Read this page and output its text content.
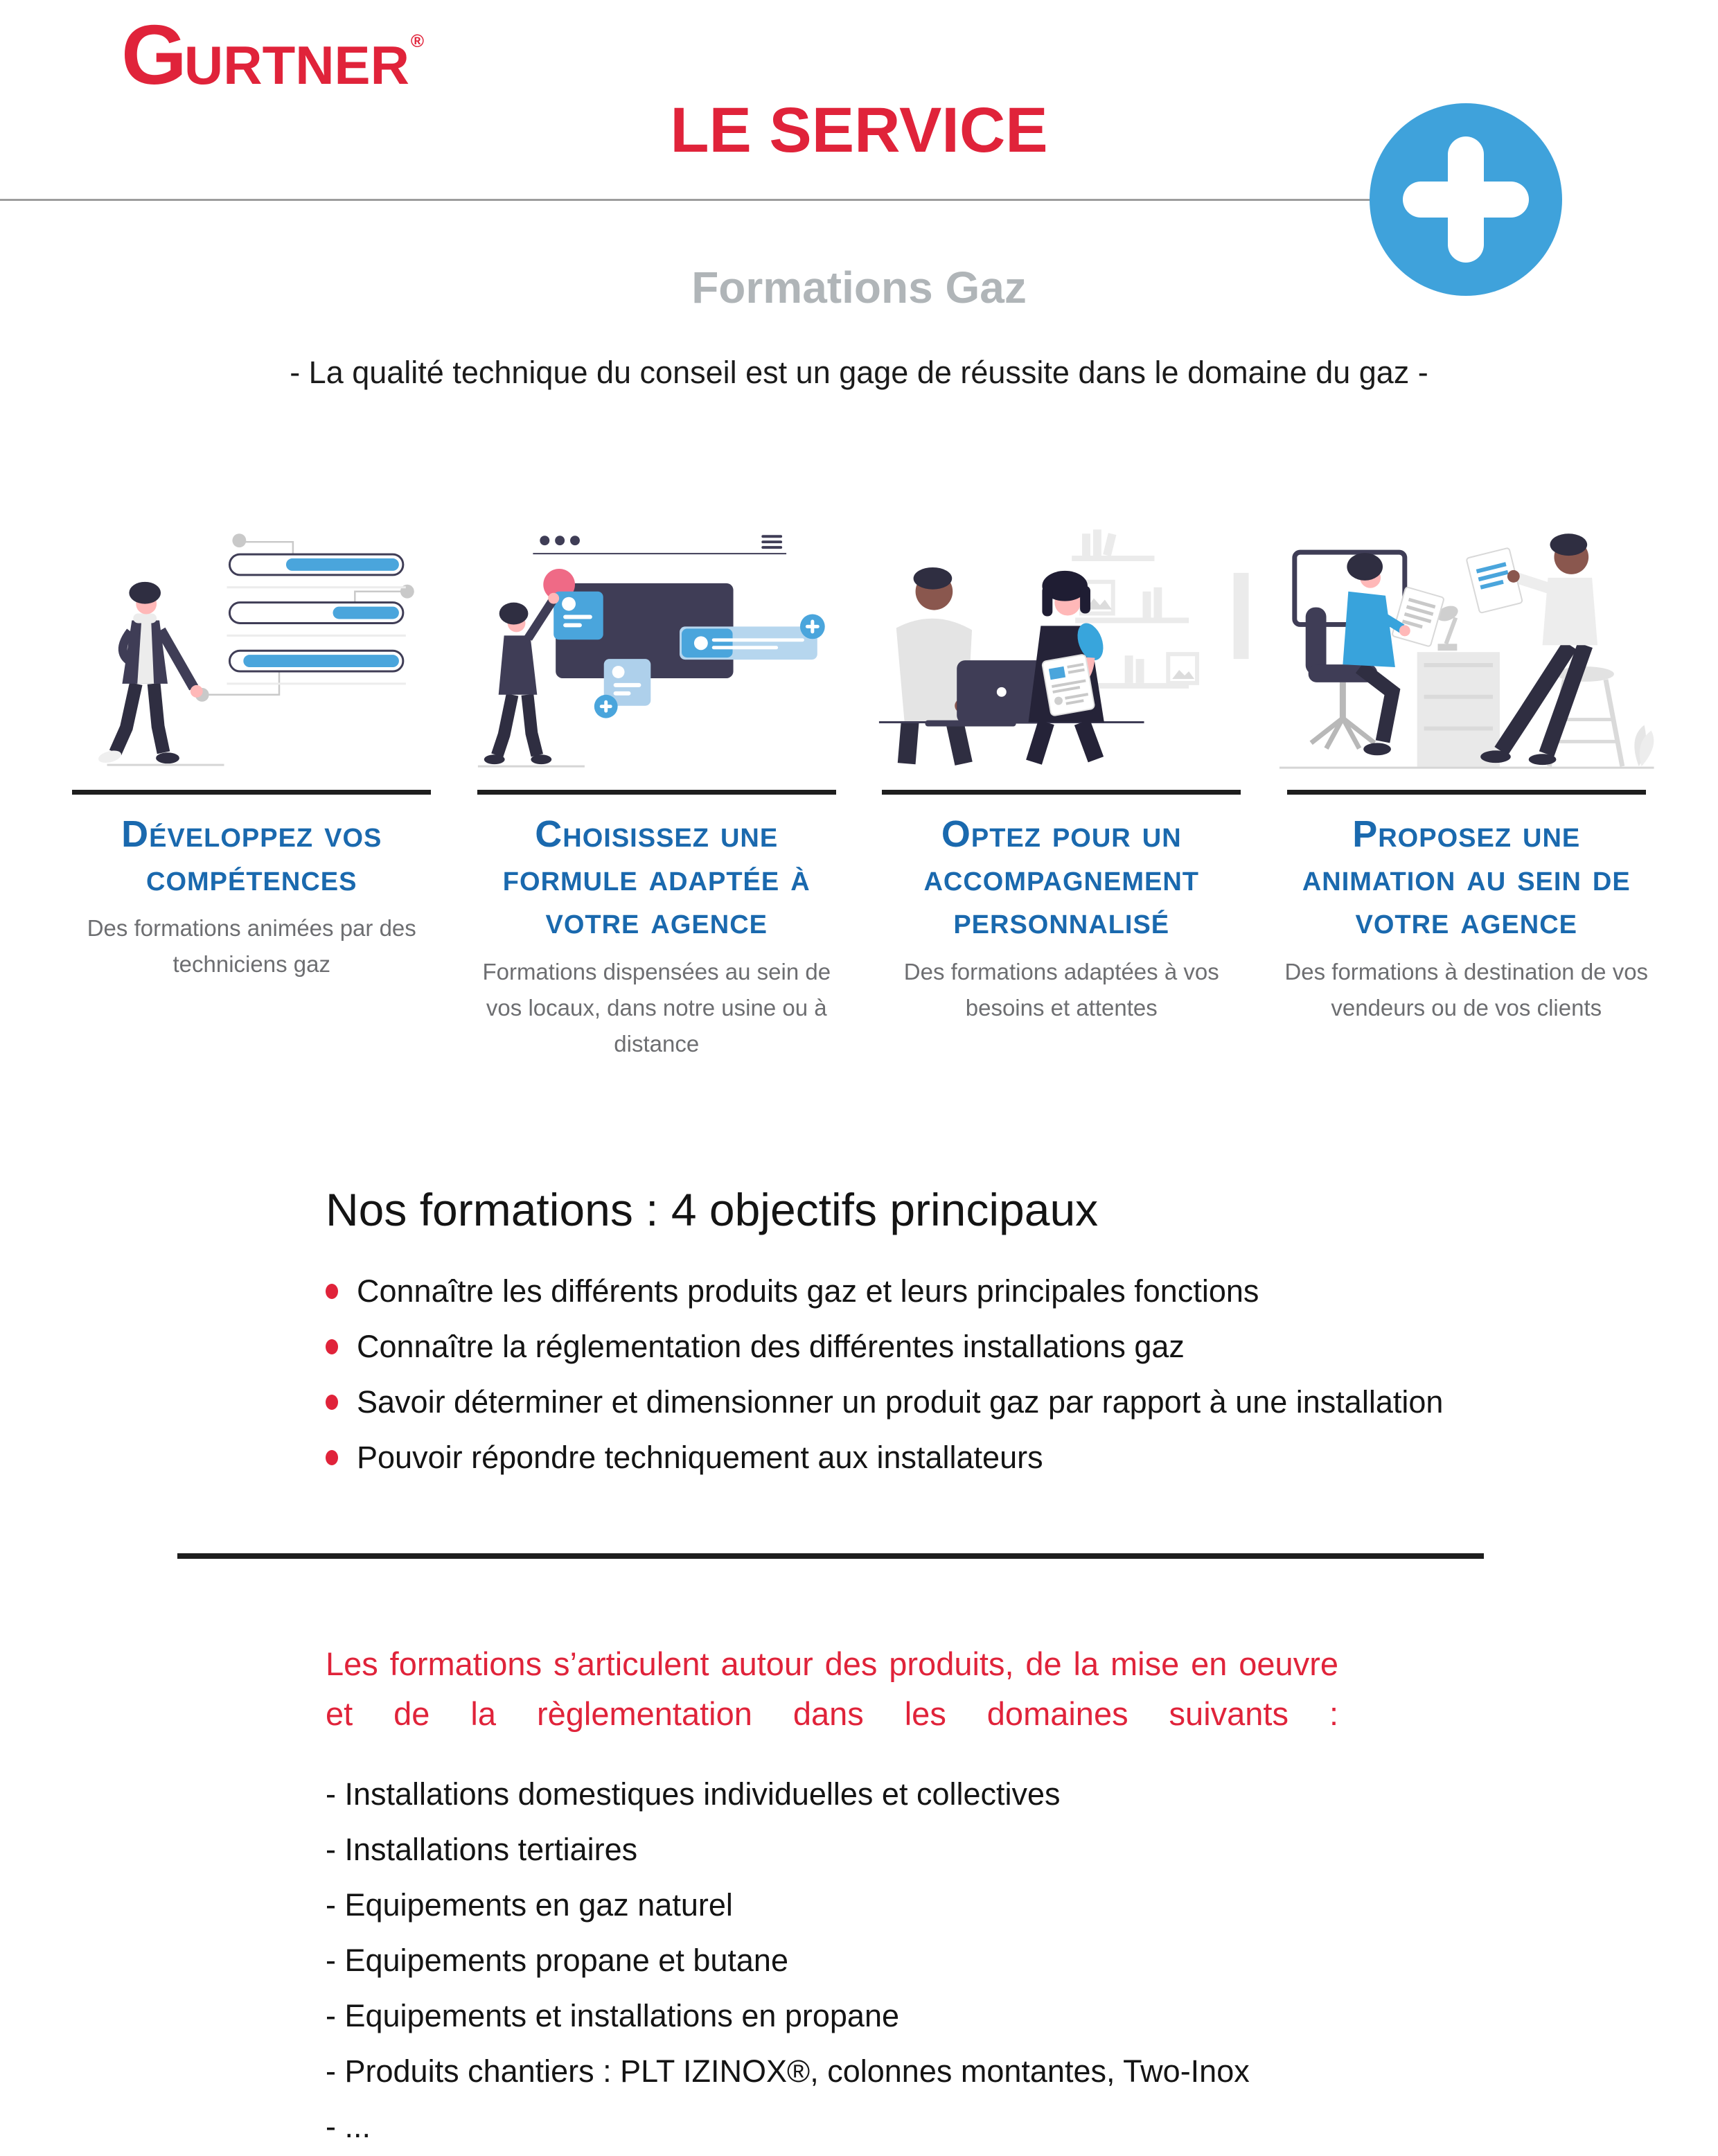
G URTNER ®
LE SERVICE
Formations Gaz

- La qualité technique du conseil est un gage de réussite dans le domaine du gaz -

Développez vos compétences

Des formations animées par des techniciens gaz

Choisissez une formule adaptée à votre agence

Formations dispensées au sein de vos locaux, dans notre usine ou à distance

Optez pour un accompagnement personnalisé

Des formations adaptées à vos besoins et attentes

Proposez une animation au sein de votre agence

Des formations à destination de vos vendeurs ou de vos clients

Nos formations : 4 objectifs principaux
Connaître les différents produits gaz et leurs principales fonctions
Connaître la réglementation des différentes installations gaz
Savoir déterminer et dimensionner un produit gaz par rapport à une installation
Pouvoir répondre techniquement aux installateurs

Les formations s’articulent autour des produits, de la mise en oeuvre et de la règlementation dans les domaines suivants :

- Installations domestiques individuelles et collectives
- Installations tertiaires
- Equipements en gaz naturel
- Equipements propane et butane
- Equipements et installations en propane
- Produits chantiers : PLT IZINOX®, colonnes montantes, Two-Inox
- ...
